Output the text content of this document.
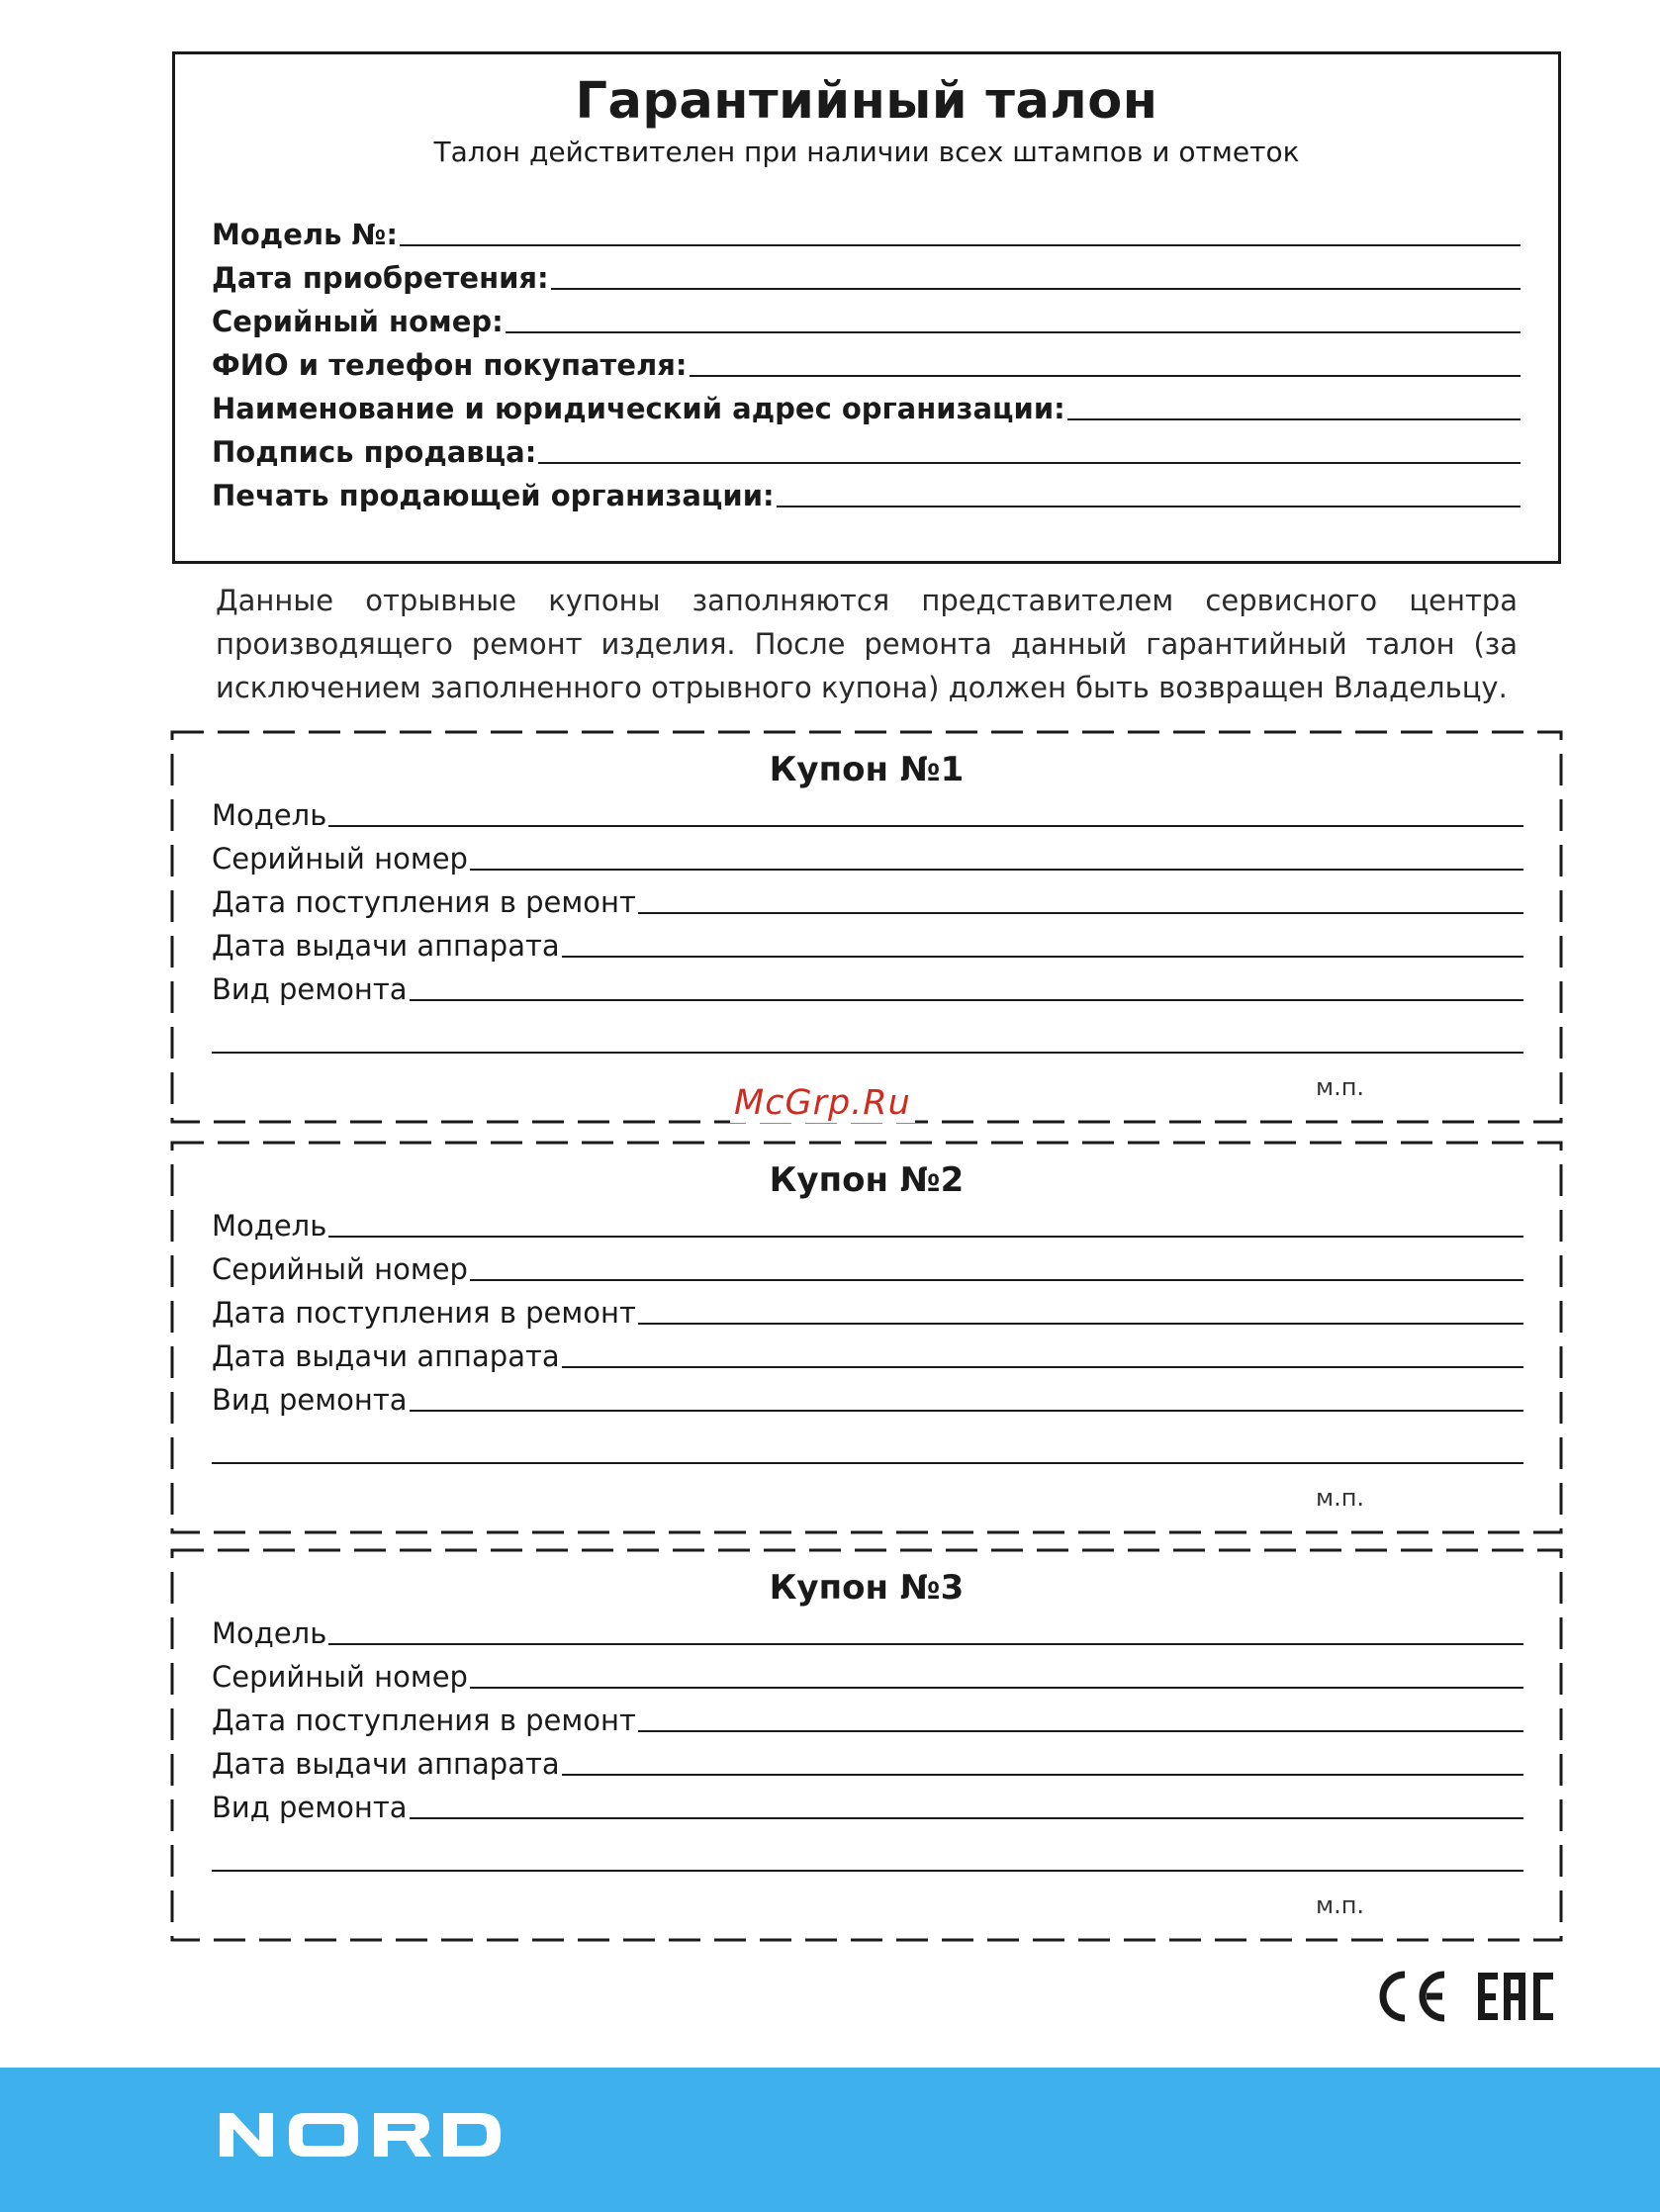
Гарантийный талон
Талон действителен при наличии всех штампов и отметок
Модель №:
Дата приобретения:
Серийный номер:
ФИО и телефон покупателя:
Наименование и юридический адрес организации:
Подпись продавца:
Печать продающей организации:
Данные отрывные купоны заполняются представителем сервисного центра производящего ремонт изделия. После ремонта данный гарантийный талон (за исключением заполненного отрывного купона) должен быть возвращен Владельцу.
Купон №1
Модель
Серийный номер
Дата поступления в ремонт
Дата выдачи аппарата
Вид ремонта
м.п.
Купон №2
Модель
Серийный номер
Дата поступления в ремонт
Дата выдачи аппарата
Вид ремонта
м.п.
Купон №3
Модель
Серийный номер
Дата поступления в ремонт
Дата выдачи аппарата
Вид ремонта
м.п.
McGrp.Ru
